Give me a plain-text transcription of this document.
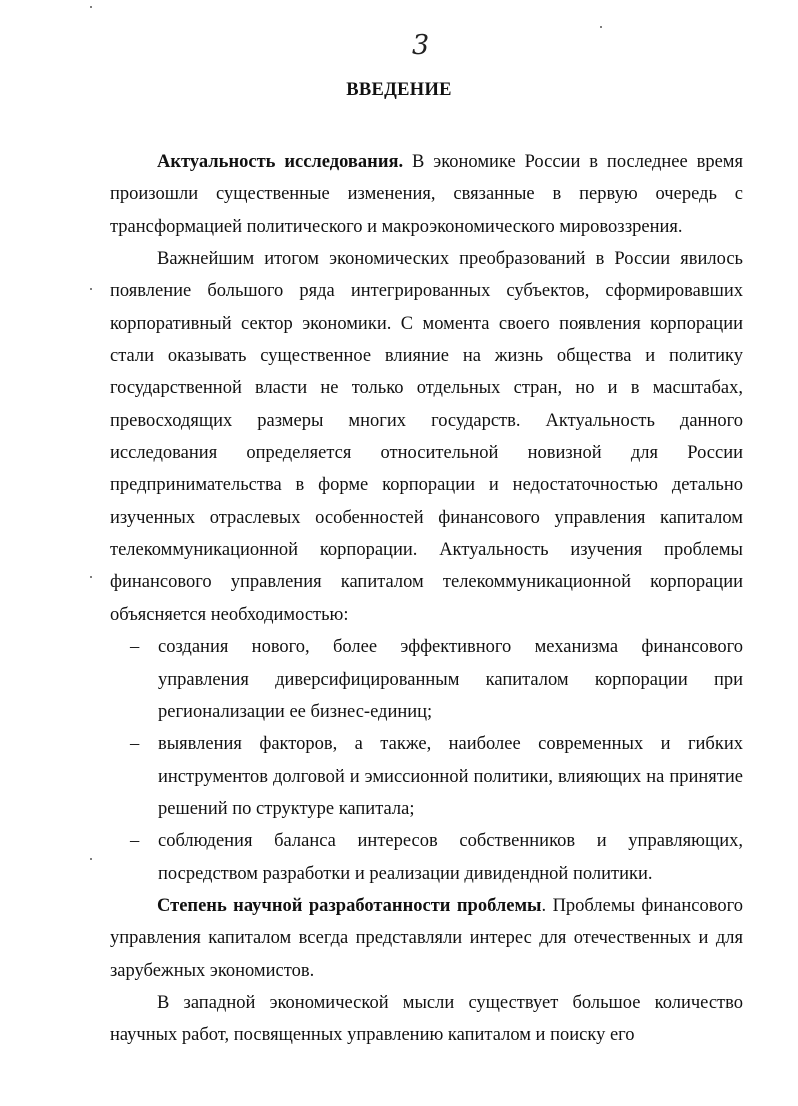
3
ВВЕДЕНИЕ

Актуальность исследования. В экономике России в последнее время произошли существенные изменения, связанные в первую очередь с трансформацией политического и макроэкономического мировоззрения.

Важнейшим итогом экономических преобразований в России явилось появление большого ряда интегрированных субъектов, сформировавших корпоративный сектор экономики. С момента своего появления корпорации стали оказывать существенное влияние на жизнь общества и политику государственной власти не только отдельных стран, но и в масштабах, превосходящих размеры многих государств. Актуальность данного исследования определяется относительной новизной для России предпринимательства в форме корпорации и недостаточностью детально изученных отраслевых особенностей финансового управления капиталом телекоммуникационной корпорации. Актуальность изучения проблемы финансового управления капиталом телекоммуникационной корпорации объясняется необходимостью:

– создания нового, более эффективного механизма финансового управления диверсифицированным капиталом корпорации при регионализации ее бизнес-единиц;
– выявления факторов, а также, наиболее современных и гибких инструментов долговой и эмиссионной политики, влияющих на принятие решений по структуре капитала;
– соблюдения баланса интересов собственников и управляющих, посредством разработки и реализации дивидендной политики.

Степень научной разработанности проблемы. Проблемы финансового управления капиталом всегда представляли интерес для отечественных и для зарубежных экономистов.

В западной экономической мысли существует большое количество научных работ, посвященных управлению капиталом и поиску его
